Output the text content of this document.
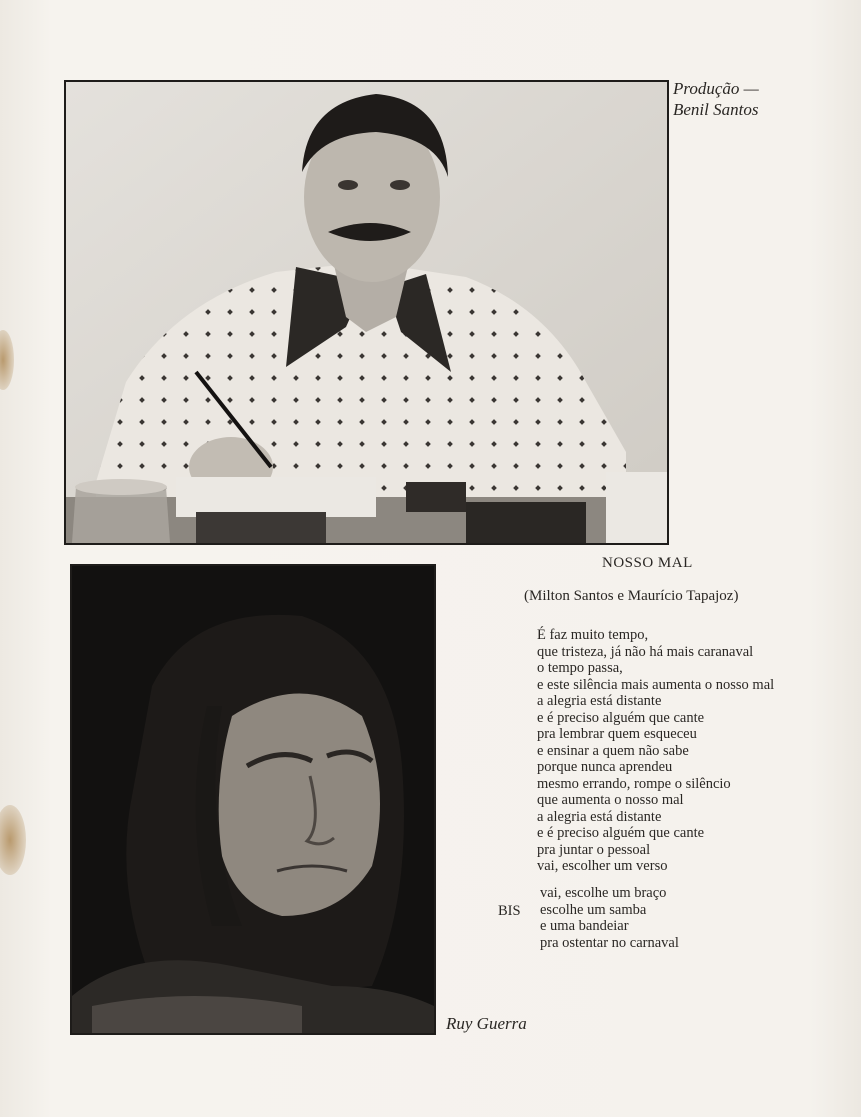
Produção —
Benil Santos
Ruy Guerra
NOSSO MAL
(Milton Santos e Maurício Tapajoz)
É faz muito tempo,
que tristeza, já não há mais caranaval
o tempo passa,
e este silência mais aumenta o nosso mal
a alegria está distante
e é preciso alguém que cante
pra lembrar quem esqueceu
e ensinar a quem não sabe
porque nunca aprendeu
mesmo errando, rompe o silêncio
que aumenta o nosso mal
a alegria está distante
e é preciso alguém que cante
pra juntar o pessoal
vai, escolher um verso
BIS
vai, escolhe um braço
escolhe um samba
e uma bandeiar
pra ostentar no carnaval
